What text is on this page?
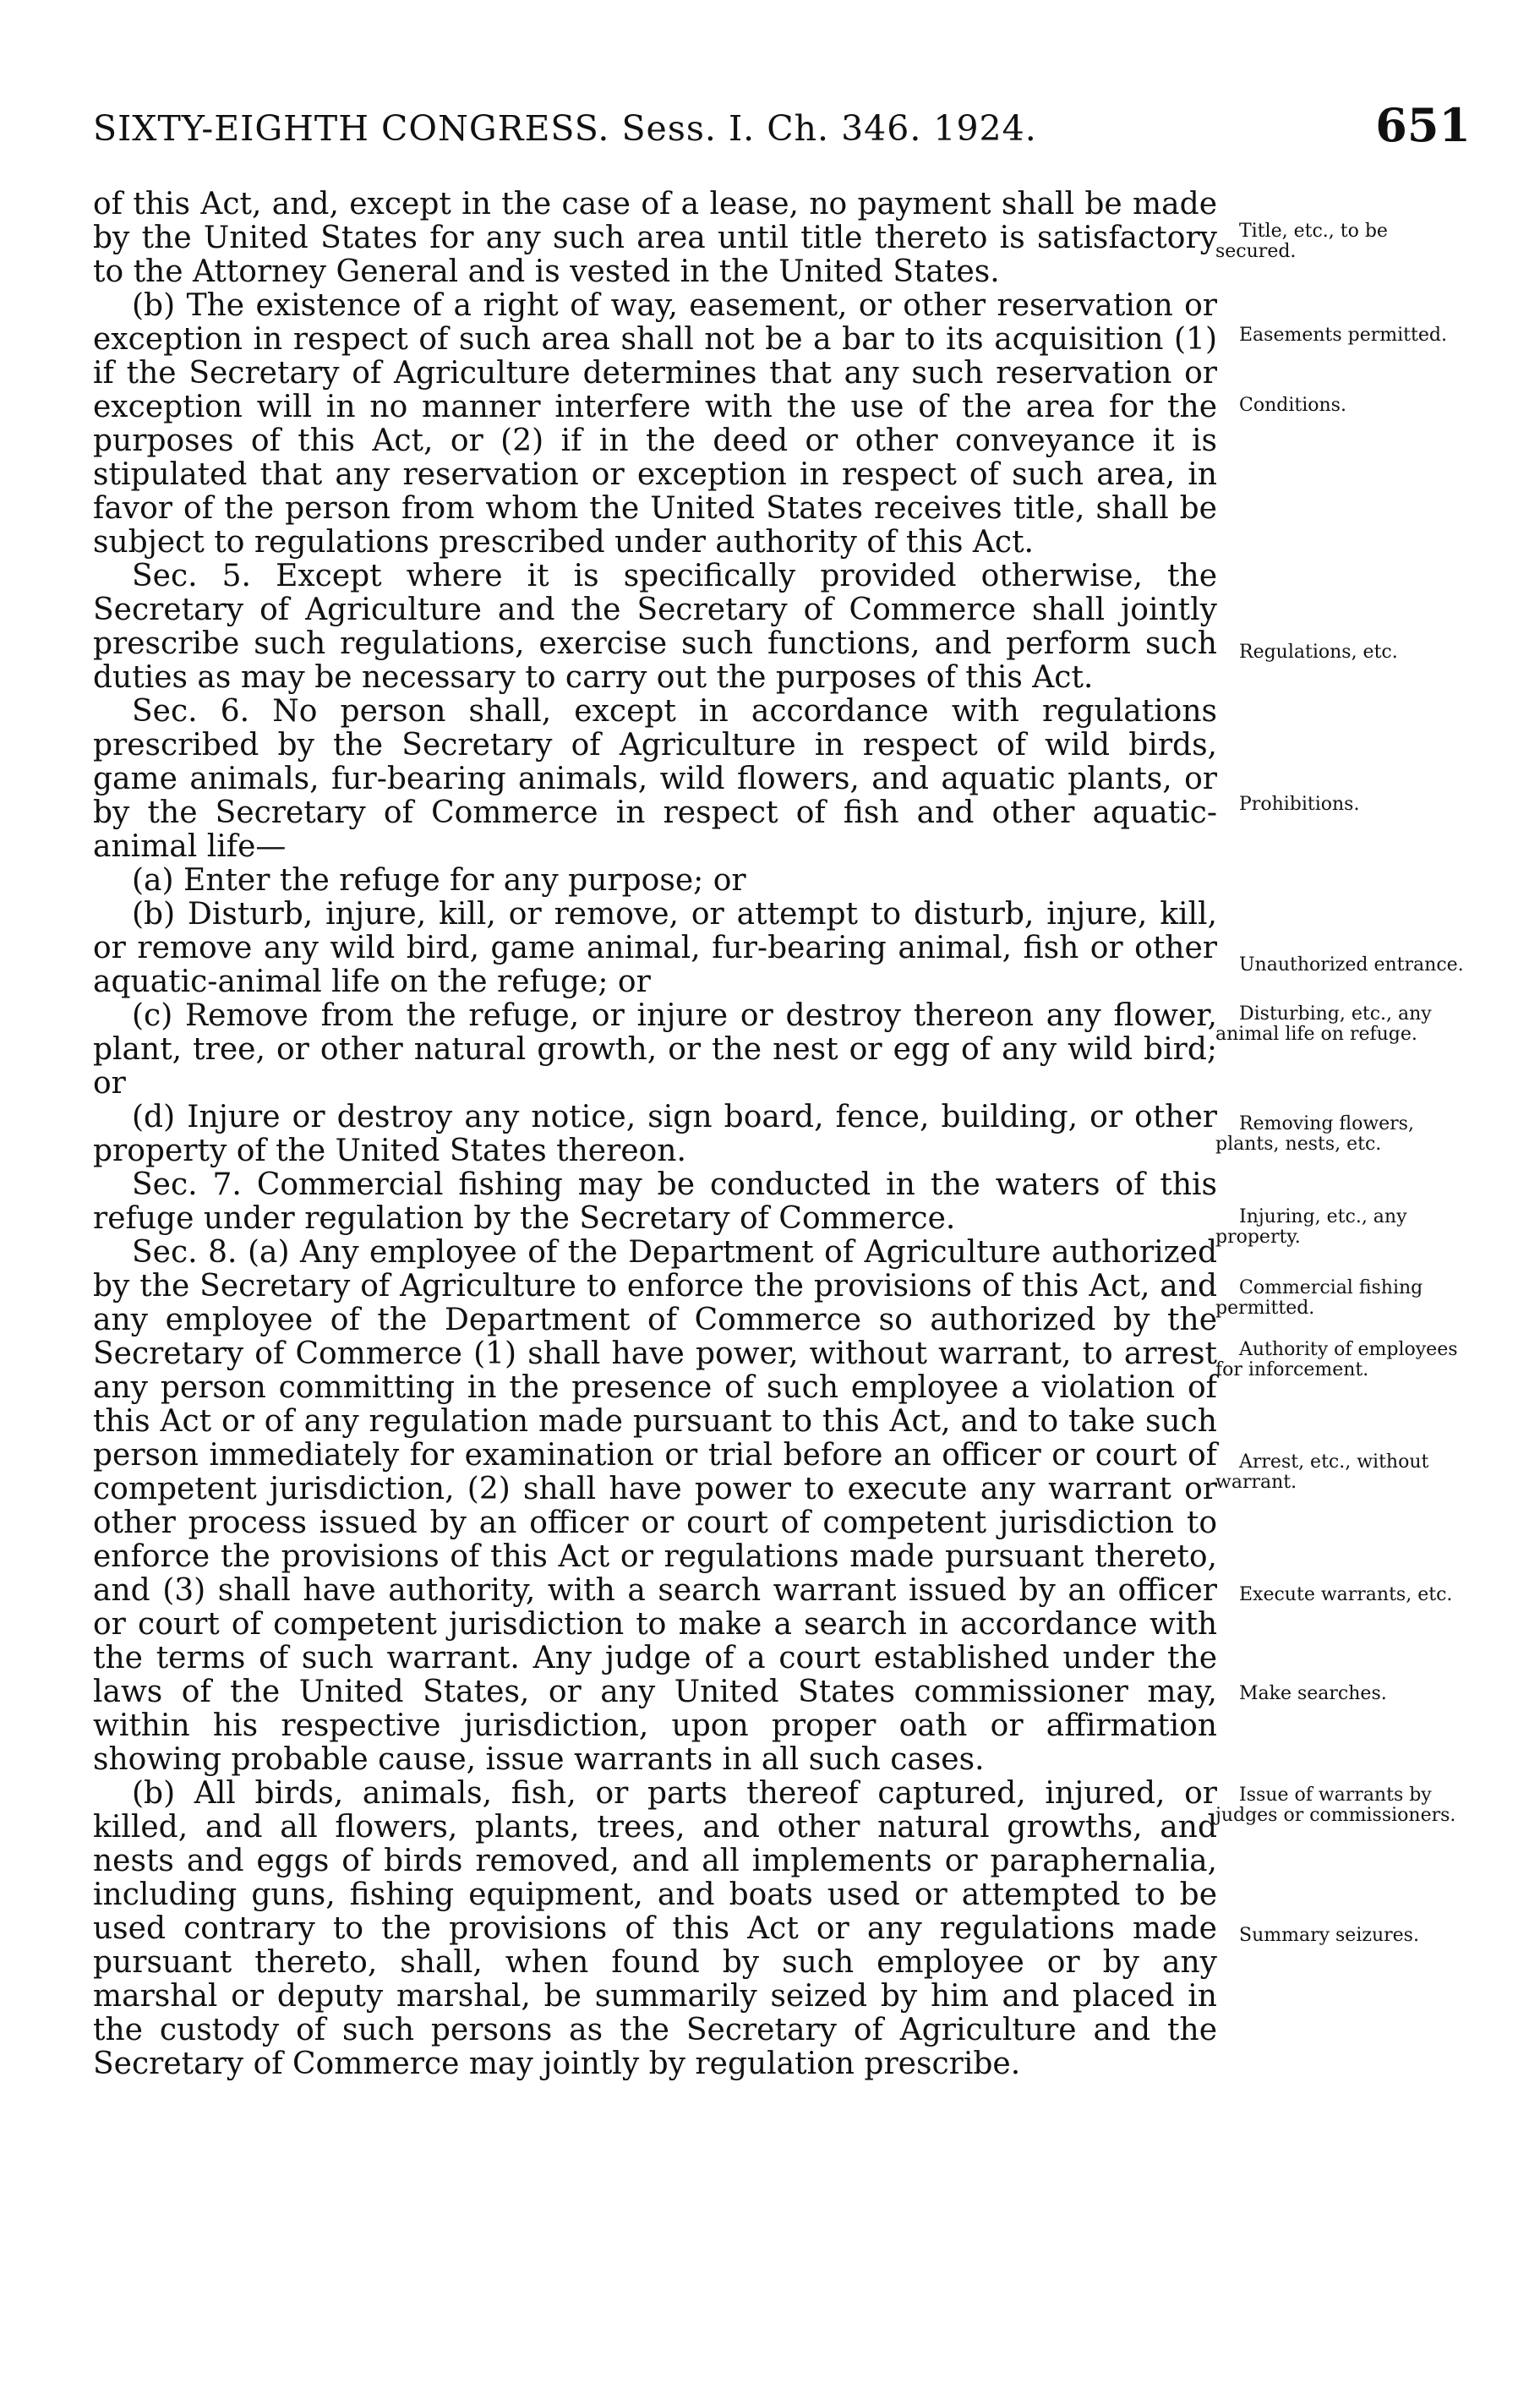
SIXTY-EIGHTH CONGRESS. Sess. I. Ch. 346. 1924.	651

of this Act, and, except in the case of a lease, no payment shall be made by the United States for any such area until title thereto is satisfactory to the Attorney General and is vested in the United States.

(b) The existence of a right of way, easement, or other reservation or exception in respect of such area shall not be a bar to its acquisition (1) if the Secretary of Agriculture determines that any such reservation or exception will in no manner interfere with the use of the area for the purposes of this Act, or (2) if in the deed or other conveyance it is stipulated that any reservation or exception in respect of such area, in favor of the person from whom the United States receives title, shall be subject to regulations prescribed under authority of this Act.

Sec. 5. Except where it is specifically provided otherwise, the Secretary of Agriculture and the Secretary of Commerce shall jointly prescribe such regulations, exercise such functions, and perform such duties as may be necessary to carry out the purposes of this Act.

Sec. 6. No person shall, except in accordance with regulations prescribed by the Secretary of Agriculture in respect of wild birds, game animals, fur-bearing animals, wild flowers, and aquatic plants, or by the Secretary of Commerce in respect of fish and other aquatic-animal life—

(a) Enter the refuge for any purpose; or

(b) Disturb, injure, kill, or remove, or attempt to disturb, injure, kill, or remove any wild bird, game animal, fur-bearing animal, fish or other aquatic-animal life on the refuge; or

(c) Remove from the refuge, or injure or destroy thereon any flower, plant, tree, or other natural growth, or the nest or egg of any wild bird; or

(d) Injure or destroy any notice, sign board, fence, building, or other property of the United States thereon.

Sec. 7. Commercial fishing may be conducted in the waters of this refuge under regulation by the Secretary of Commerce.

Sec. 8. (a) Any employee of the Department of Agriculture authorized by the Secretary of Agriculture to enforce the provisions of this Act, and any employee of the Department of Commerce so authorized by the Secretary of Commerce (1) shall have power, without warrant, to arrest any person committing in the presence of such employee a violation of this Act or of any regulation made pursuant to this Act, and to take such person immediately for examination or trial before an officer or court of competent jurisdiction, (2) shall have power to execute any warrant or other process issued by an officer or court of competent jurisdiction to enforce the provisions of this Act or regulations made pursuant thereto, and (3) shall have authority, with a search warrant issued by an officer or court of competent jurisdiction to make a search in accordance with the terms of such warrant. Any judge of a court established under the laws of the United States, or any United States commissioner may, within his respective jurisdiction, upon proper oath or affirmation showing probable cause, issue warrants in all such cases.

(b) All birds, animals, fish, or parts thereof captured, injured, or killed, and all flowers, plants, trees, and other natural growths, and nests and eggs of birds removed, and all implements or paraphernalia, including guns, fishing equipment, and boats used or attempted to be used contrary to the provisions of this Act or any regulations made pursuant thereto, shall, when found by such employee or by any marshal or deputy marshal, be summarily seized by him and placed in the custody of such persons as the Secretary of Agriculture and the Secretary of Commerce may jointly by regulation prescribe.

Title, etc., to be secured.
Easements permitted.
Conditions.
Regulations, etc.
Prohibitions.
Unauthorized entrance.
Disturbing, etc., any animal life on refuge.
Removing flowers, plants, nests, etc.
Injuring, etc., any property.
Commercial fishing permitted.
Authority of employees for inforcement.
Arrest, etc., without warrant.
Execute warrants, etc.
Make searches.
Issue of warrants by judges or commissioners.
Summary seizures.
